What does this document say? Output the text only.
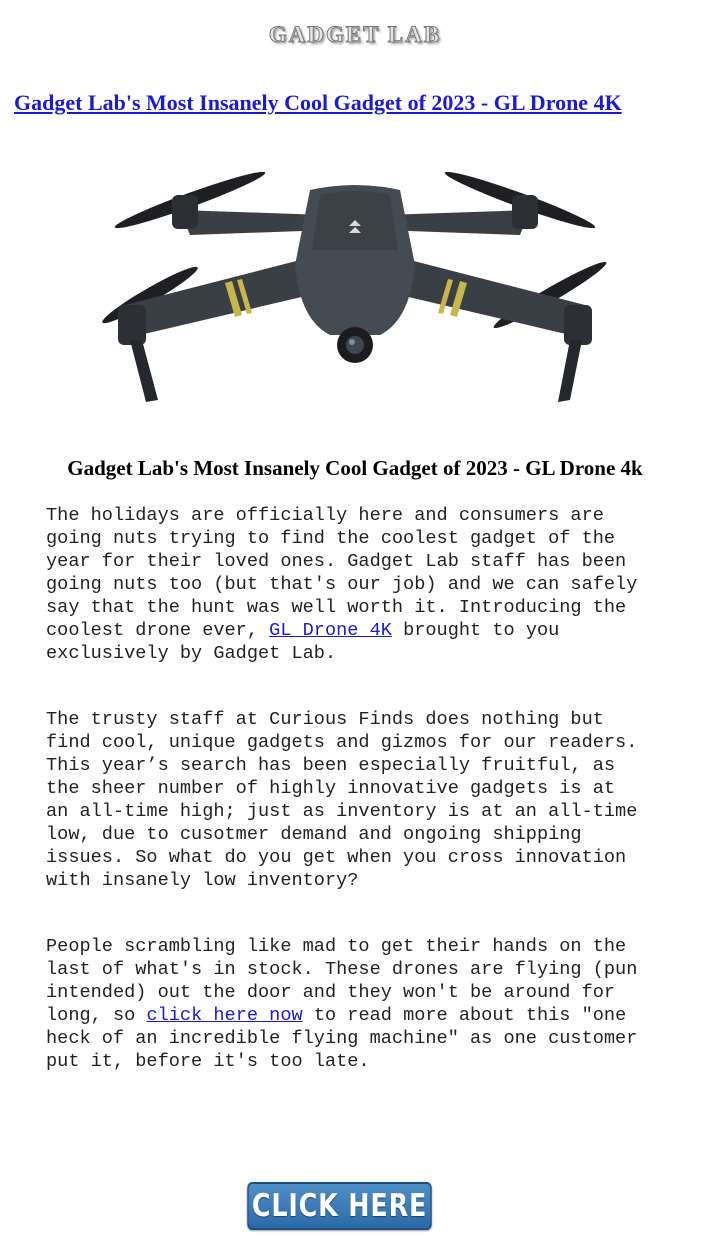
GADGET LAB
Gadget Lab's Most Insanely Cool Gadget of 2023 - GL Drone 4K
Gadget Lab's Most Insanely Cool Gadget of 2023 - GL Drone 4k

The holidays are officially here and consumers are going nuts trying to find the coolest gadget of the year for their loved ones. Gadget Lab staff has been going nuts too (but that's our job) and we can safely say that the hunt was well worth it. Introducing the coolest drone ever, GL Drone 4K brought to you exclusively by Gadget Lab.

The trusty staff at Curious Finds does nothing but find cool, unique gadgets and gizmos for our readers. This year’s search has been especially fruitful, as the sheer number of highly innovative gadgets is at an all-time high; just as inventory is at an all-time low, due to cusotmer demand and ongoing shipping issues. So what do you get when you cross innovation with insanely low inventory?

People scrambling like mad to get their hands on the last of what's in stock. These drones are flying (pun intended) out the door and they won't be around for long, so click here now to read more about this "one heck of an incredible flying machine" as one customer put it, before it's too late.

CLICK HERE
